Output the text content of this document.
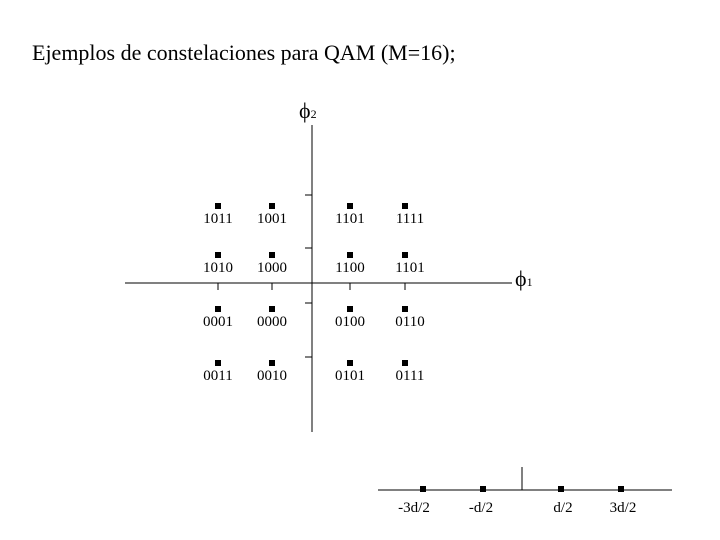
Ejemplos de constelaciones para QAM (M=16);
ϕ2
ϕ1
1011 1001	1101 1111
1010 1000	1100 1101
0001 0000	0100 0110
0011 0010	0101 0111
-3d/2	-d/2	d/2 3d/2
